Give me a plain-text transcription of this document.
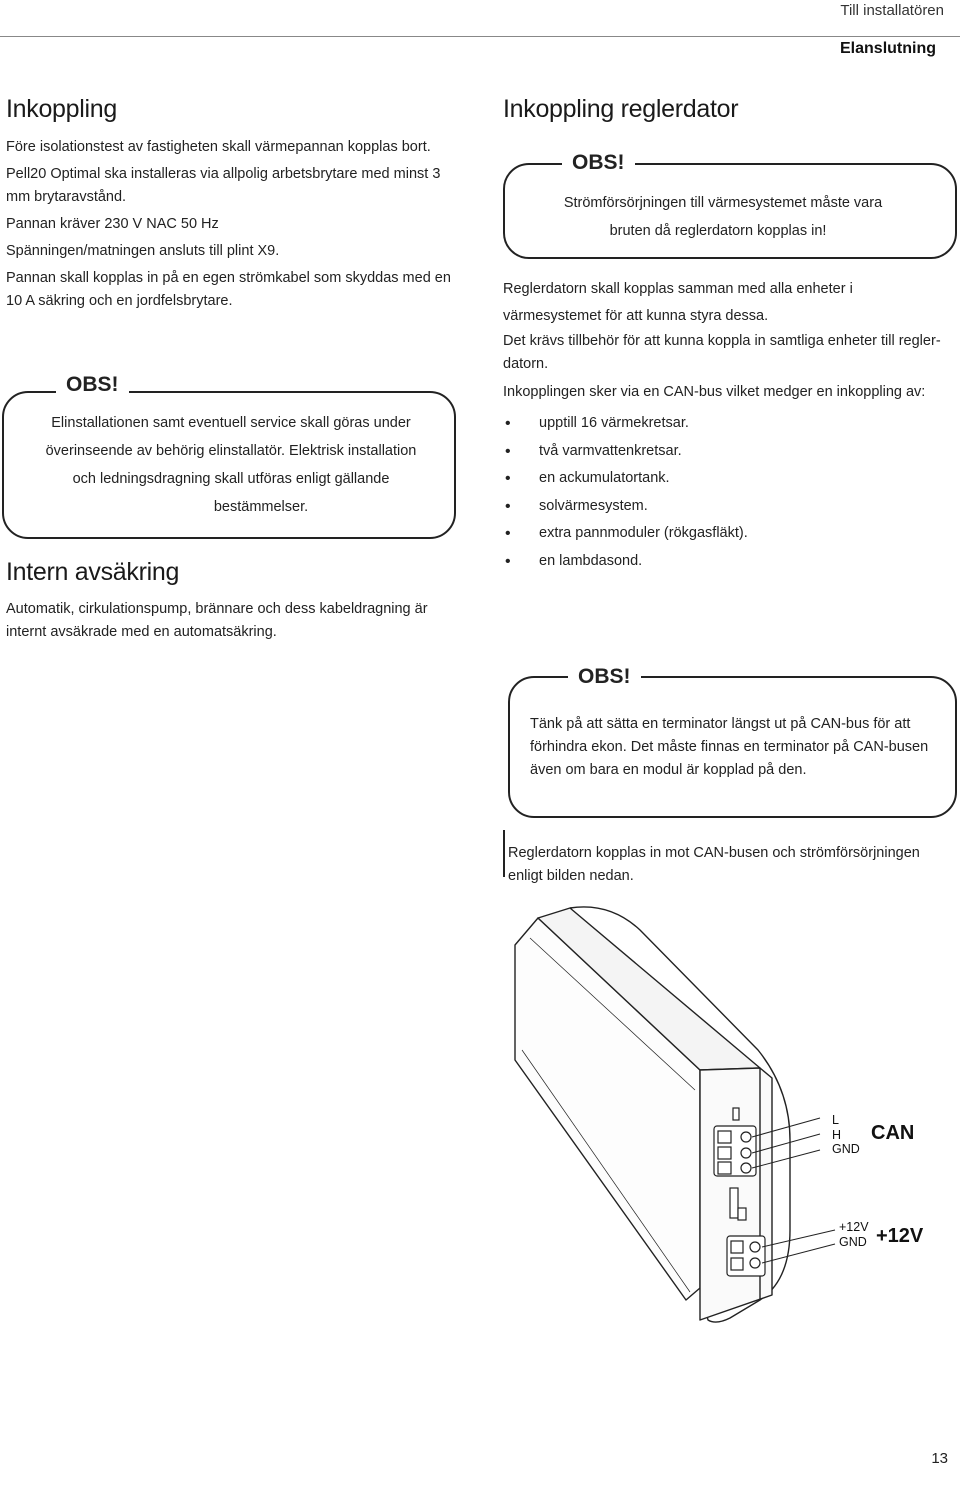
Till installatören
Elanslutning
Inkoppling

Före isolationstest av fastigheten skall värmepannan kopplas bort.

Pell20 Optimal ska installeras via allpolig arbetsbrytare med minst 3 mm brytaravstånd.

Pannan kräver 230 V NAC 50 Hz

Spänningen/matningen ansluts till plint X9.

Pannan skall kopplas in på en egen strömkabel som skyddas med en 10 A säkring och en jordfelsbrytare.

OBS!

Elinstallationen samt eventuell service skall göras under

överinseende av behörig elinstallatör. Elektrisk installation

och ledningsdragning skall utföras enligt gällande

bestämmelser.

Intern avsäkring
Automatik, cirkulationspump, brännare och dess kabeldragning är internt avsäkrade med en automatsäkring.
Inkoppling reglerdator
OBS!

Strömförsörjningen till värmesystemet måste vara

bruten då reglerdatorn kopplas in!

Reglerdatorn skall kopplas samman med alla enheter i värmesystemet för att kunna styra dessa.

Det krävs tillbehör för att kunna koppla in samtliga enheter till reglerdatorn.

Inkopplingen sker via en CAN-bus vilket medger en inkoppling av:

• upptill 16 värmekretsar.
• två varmvattenkretsar.
• en ackumulatortank.
• solvärmesystem.
• extra pannmoduler (rökgasfläkt).
• en lambdasond.
OBS!
Tänk på att sätta en terminator längst ut på CAN-bus för att förhindra ekon. Det måste finnas en terminator på CAN-busen även om bara en modul är kopplad på den.
Reglerdatorn kopplas in mot CAN-busen och strömförsörjningen enligt bilden nedan.
L
H
GND
CAN
+12V
GND +12V
13
